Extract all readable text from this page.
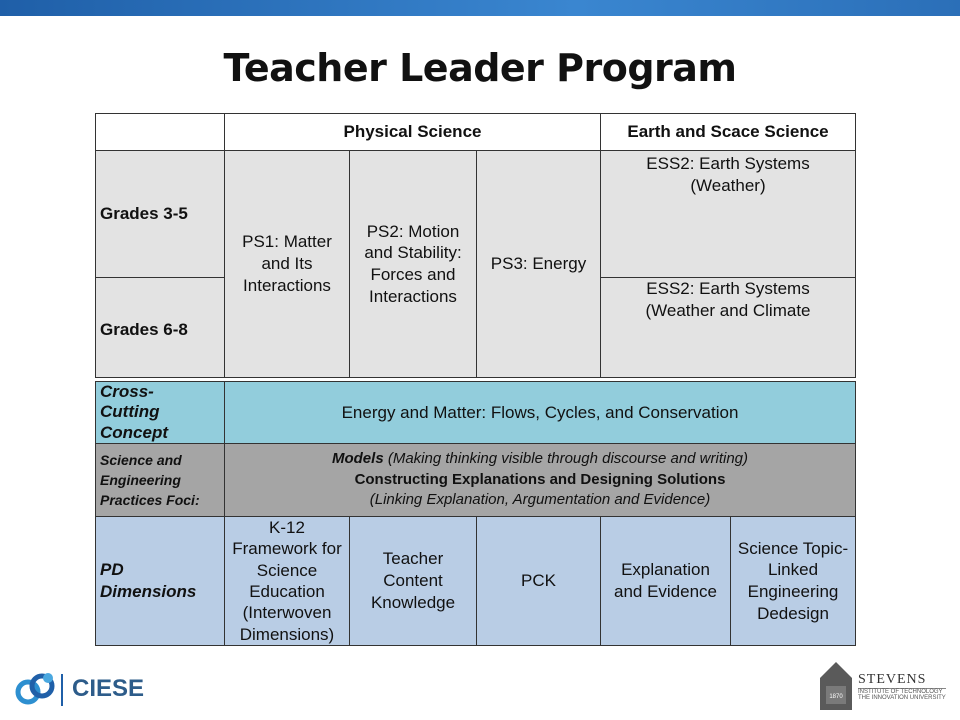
Teacher Leader Program
Physical Science	Earth and Scace Science
Grades 3-5
Grades 6-8
PS1: Matter and Its Interactions
PS2: Motion and Stability: Forces and Interactions
PS3: Energy
ESS2: Earth Systems (Weather)
ESS2: Earth Systems (Weather and Climate
Cross-Cutting Concept
Energy and Matter: Flows, Cycles, and Conservation
Science and Engineering Practices Foci:
Models (Making thinking visible through discourse and writing)
Constructing Explanations and Designing Solutions
(Linking Explanation, Argumentation and Evidence)
PD Dimensions
K-12 Framework for Science Education (Interwoven Dimensions)
Teacher Content Knowledge
PCK
Explanation and Evidence
Science Topic-Linked Engineering Dedesign
CIESE	1870
STEVENS
INSTITUTE OF TECHNOLOGY
THE INNOVATION UNIVERSITY
